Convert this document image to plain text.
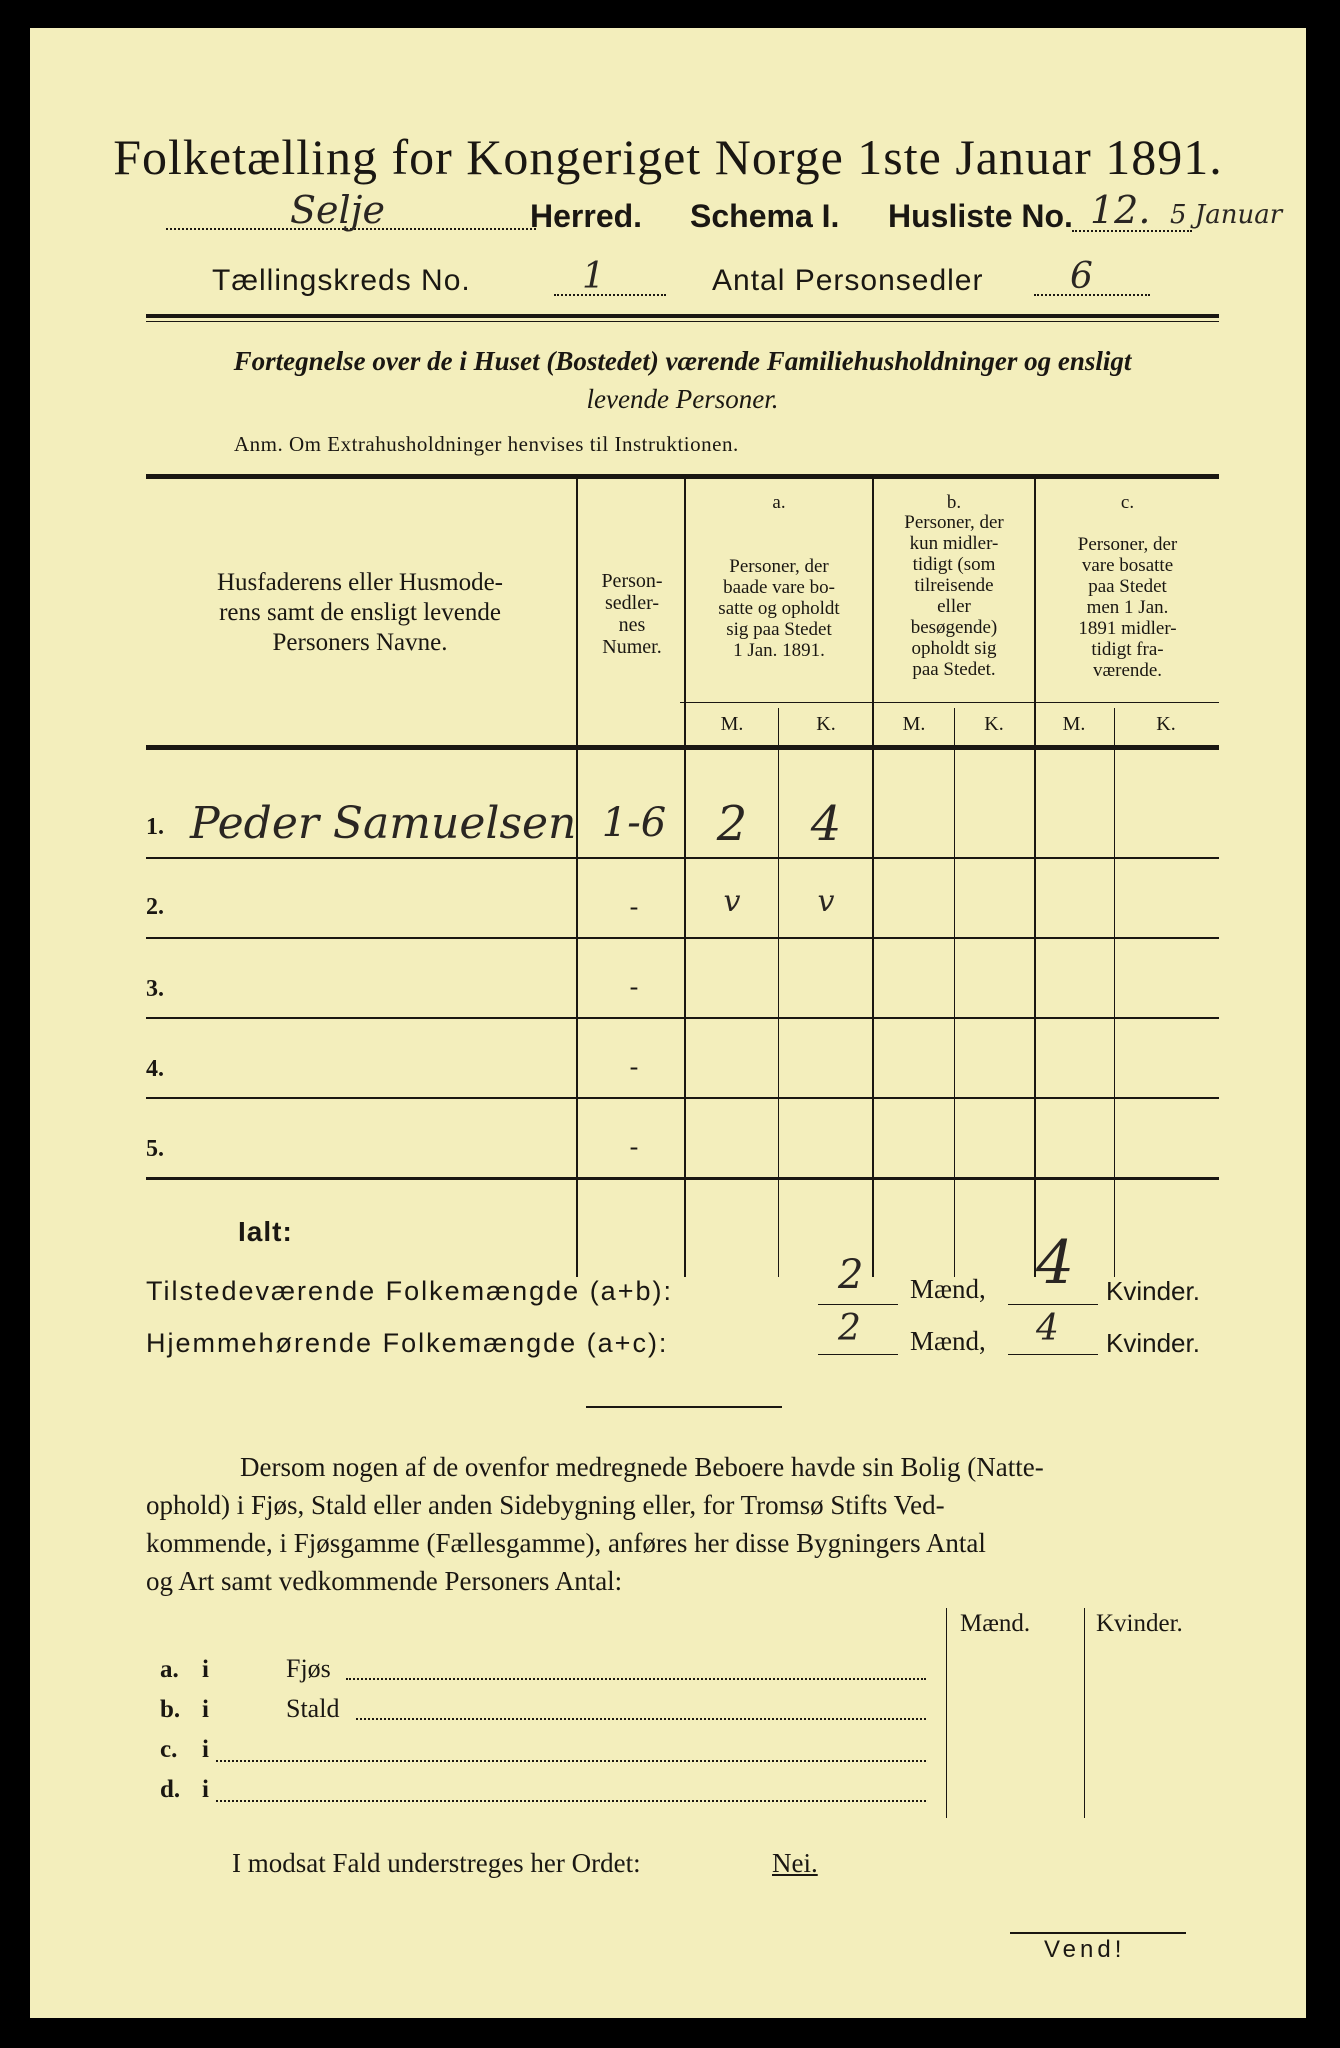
Folketælling for Kongeriget Norge 1ste Januar 1891.
Selje	Herred. Schema I. Husliste No. 12. 5 Januar
Tællingskreds No.	1	Antal Personsedler 6
Fortegnelse over de i Huset (Bostedet) værende Familiehusholdninger og ensligt
levende Personer.
Anm. Om Extrahusholdninger henvises til Instruktionen.
Husfaderens eller Husmode-
rens samt de ensligt levende
Personers Navne.
Person-
sedler-
nes
Numer.
a.
Personer, der
baade vare bo-
satte og opholdt
sig paa Stedet
1 Jan. 1891.
b.
Personer, der
kun midler-
tidigt (som
tilreisende
eller
besøgende)
opholdt sig
paa Stedet.
c.
Personer, der
vare bosatte
paa Stedet
men 1 Jan.
1891 midler-
tidigt fra-
værende.
M.	K.	M.	K.	M.	K.
1. Peder Samuelsen 1-6	2	4
2.	-	v	v
3.	-
4.	-
5.	-
Ialt:
Tilstedeværende Folkemængde (a+b):	2 Mænd, 4 Kvinder.
Hjemmehørende Folkemængde (a+c):	2 Mænd, 4 Kvinder.
Dersom nogen af de ovenfor medregnede Beboere havde sin Bolig (Natte-
ophold) i Fjøs, Stald eller anden Sidebygning eller, for Tromsø Stifts Ved-
kommende, i Fjøsgamme (Fællesgamme), anføres her disse Bygningers Antal
og Art samt vedkommende Personers Antal:
Mænd.	Kvinder.
a. i	Fjøs
b. i	Stald
c. i
d. i
I modsat Fald understreges her Ordet:	Nei.
Vend!
